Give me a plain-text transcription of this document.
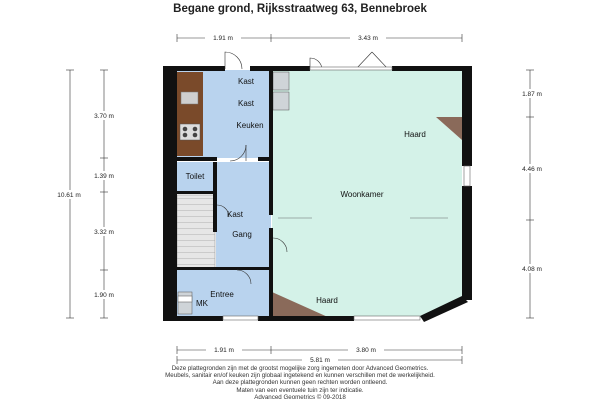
Begane grond, Rijksstraatweg 63, Bennebroek
Kast
Kast
Keuken
Toilet
Kast
Gang
Entree
MK
Woonkamer
Haard
Haard
1.91 m	3.43 m
10.61 m
3.70 m
1.39 m
3.32 m
1.90 m
1.87 m
4.46 m
4.08 m
1.91 m	3.80 m
5.81 m
Deze plattegronden zijn met de grootst mogelijke zorg ingemeten door Advanced Geometrics.
Meubels, sanitair en/of keuken zijn globaal ingetekend en kunnen verschillen met de werkelijkheid.
Aan deze plattegronden kunnen geen rechten worden ontleend.
Maten van een eventuele tuin zijn ter indicatie.
Advanced Geometrics © 09-2018
